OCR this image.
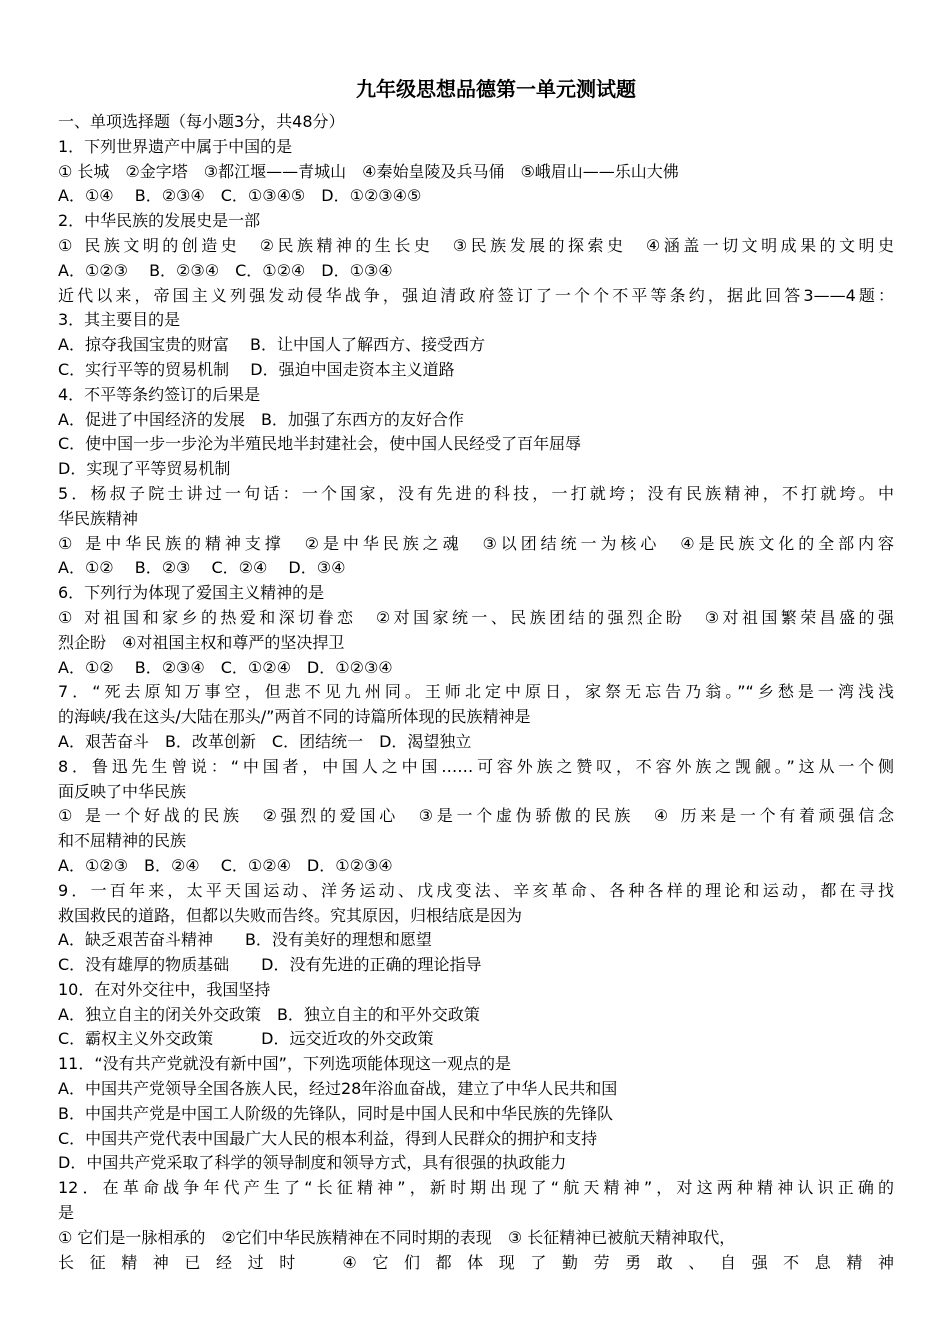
九年级思想品德第一单元测试题
一、单项选择题（每小题3分，共48分）
1．下列世界遗产中属于中国的是
① 长城　②金字塔　③都江堰——青城山　④秦始皇陵及兵马俑　⑤峨眉山——乐山大佛
A．①④　 B．②③④　C．①③④⑤　D．①②③④⑤
2．中华民族的发展史是一部
① 民族文明的创造史　②民族精神的生长史　③民族发展的探索史　④涵盖一切文明成果的文明史
A．①②③　 B．②③④　C．①②④　D．①③④
近代以来，帝国主义列强发动侵华战争，强迫清政府签订了一个个不平等条约，据此回答3——4题：
3．其主要目的是
A．掠夺我国宝贵的财富　 B．让中国人了解西方、接受西方
C．实行平等的贸易机制　 D．强迫中国走资本主义道路
4．不平等条约签订的后果是
A．促进了中国经济的发展　B．加强了东西方的友好合作
C．使中国一步一步沦为半殖民地半封建社会，使中国人民经受了百年屈辱
D．实现了平等贸易机制
5．杨叔子院士讲过一句话：一个国家，没有先进的科技，一打就垮；没有民族精神，不打就垮。中
华民族精神
① 是中华民族的精神支撑　②是中华民族之魂　③以团结统一为核心　④是民族文化的全部内容
A．①②　 B．②③　 C．②④　 D．③④
6．下列行为体现了爱国主义精神的是
① 对祖国和家乡的热爱和深切眷恋　②对国家统一、民族团结的强烈企盼　③对祖国繁荣昌盛的强
烈企盼　④对祖国主权和尊严的坚决捍卫
A．①②　 B．②③④　C．①②④　D．①②③④
7．“死去原知万事空，但悲不见九州同。王师北定中原日，家祭无忘告乃翁。”“乡愁是一湾浅浅
的海峡/我在这头/大陆在那头/”两首不同的诗篇所体现的民族精神是
A．艰苦奋斗　B．改革创新　C．团结统一　D．渴望独立
8．鲁迅先生曾说：“中国者，中国人之中国……可容外族之赞叹，不容外族之觊觎。”这从一个侧
面反映了中华民族
① 是一个好战的民族　②强烈的爱国心　③是一个虚伪骄傲的民族　④ 历来是一个有着顽强信念
和不屈精神的民族
A．①②③　B．②④　 C．①②④　D．①②③④
9．一百年来，太平天国运动、洋务运动、戊戌变法、辛亥革命、各种各样的理论和运动，都在寻找
救国救民的道路，但都以失败而告终。究其原因，归根结底是因为
A．缺乏艰苦奋斗精神　　B．没有美好的理想和愿望
C．没有雄厚的物质基础　　D．没有先进的正确的理论指导
10．在对外交往中，我国坚持
A．独立自主的闭关外交政策　B．独立自主的和平外交政策
C．霸权主义外交政策　　　D．远交近攻的外交政策
11．“没有共产党就没有新中国”，下列选项能体现这一观点的是
A．中国共产党领导全国各族人民，经过28年浴血奋战，建立了中华人民共和国
B．中国共产党是中国工人阶级的先锋队，同时是中国人民和中华民族的先锋队
C．中国共产党代表中国最广大人民的根本利益，得到人民群众的拥护和支持
D．中国共产党采取了科学的领导制度和领导方式，具有很强的执政能力
12．在革命战争年代产生了“长征精神”，新时期出现了“航天精神”，对这两种精神认识正确的
是
① 它们是一脉相承的　②它们中华民族精神在不同时期的表现　③ 长征精神已被航天精神取代，
长征精神已经过时　④它们都体现了勤劳勇敢、自强不息精神
